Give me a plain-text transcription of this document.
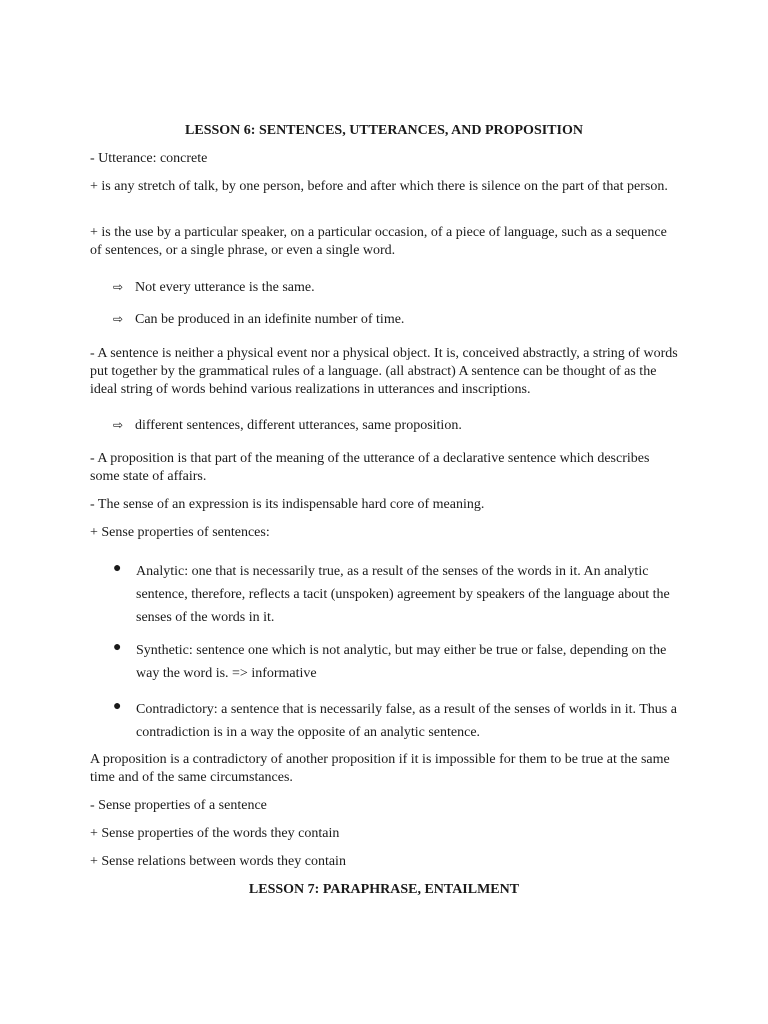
LESSON 6: SENTENCES, UTTERANCES, AND PROPOSITION

- Utterance: concrete

+ is any stretch of talk, by one person, before and after which there is silence on the part of that person.

+ is the use by a particular speaker, on a particular occasion, of a piece of language, such as a sequence of sentences, or a single phrase, or even a single word.

⇨ Not every utterance is the same.
⇨ Can be produced in an idefinite number of time.

- A sentence is neither a physical event nor a physical object. It is, conceived abstractly, a string of words put together by the grammatical rules of a language. (all abstract) A sentence can be thought of as the ideal string of words behind various realizations in utterances and inscriptions.

⇨ different sentences, different utterances, same proposition.

- A proposition is that part of the meaning of the utterance of a declarative sentence which describes some state of affairs.

- The sense of an expression is its indispensable hard core of meaning.

+ Sense properties of sentences:

● Analytic: one that is necessarily true, as a result of the senses of the words in it. An analytic sentence, therefore, reflects a tacit (unspoken) agreement by speakers of the language about the senses of the words in it.
● Synthetic: sentence one which is not analytic, but may either be true or false, depending on the way the word is. => informative
● Contradictory: a sentence that is necessarily false, as a result of the senses of worlds in it. Thus a contradiction is in a way the opposite of an analytic sentence.

A proposition is a contradictory of another proposition if it is impossible for them to be true at the same time and of the same circumstances.

- Sense properties of a sentence

+ Sense properties of the words they contain

+ Sense relations between words they contain

LESSON 7: PARAPHRASE, ENTAILMENT
